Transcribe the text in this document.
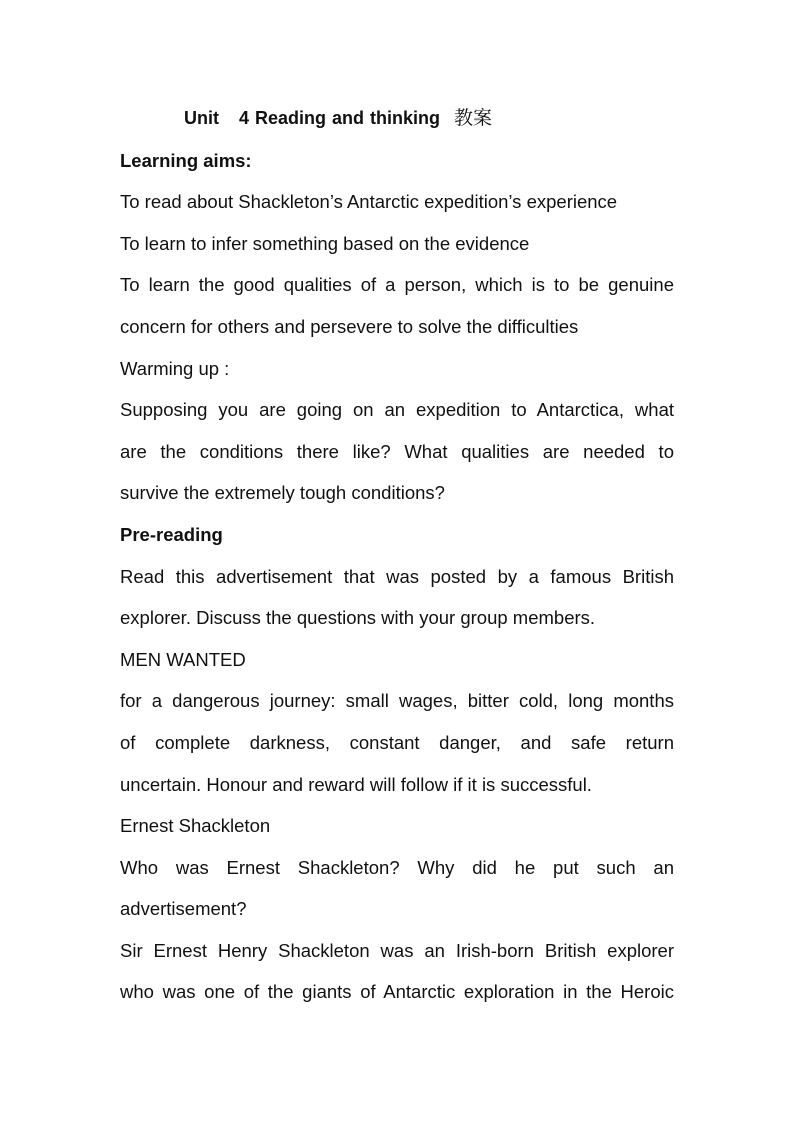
Unit 4 Reading and thinking 教案
Learning aims:
To read about Shackleton’s Antarctic expedition’s experience
To learn to infer something based on the evidence
To learn the good qualities of a person, which is to be genuine
concern for others and persevere to solve the difficulties
Warming up :
Supposing you are going on an expedition to Antarctica, what
are the conditions there like? What qualities are needed to
survive the extremely tough conditions?
Pre-reading
Read this advertisement that was posted by a famous British
explorer. Discuss the questions with your group members.
MEN WANTED
for a dangerous journey: small wages, bitter cold, long months
of complete darkness, constant danger, and safe return
uncertain. Honour and reward will follow if it is successful.
Ernest Shackleton
Who was Ernest Shackleton? Why did he put such an
advertisement?
Sir Ernest Henry Shackleton was an Irish-born British explorer
who was one of the giants of Antarctic exploration in the Heroic
